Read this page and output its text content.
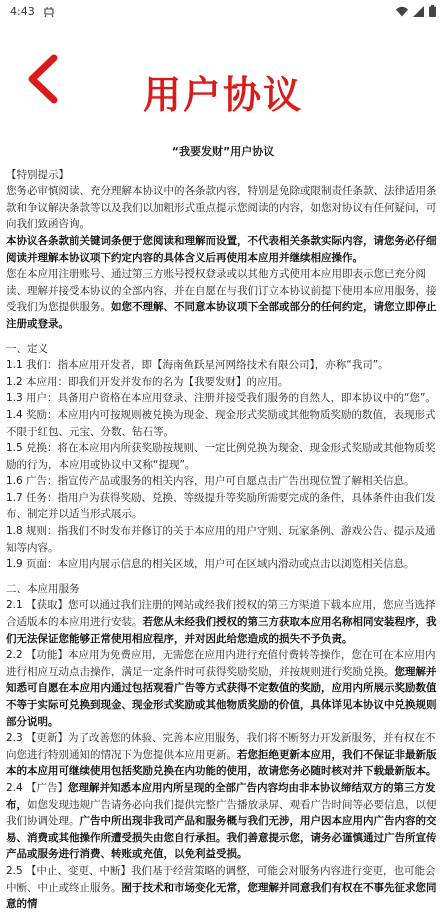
4:43
用户协议
“我要发财”用户协议

【特别提示】

您务必审慎阅读、充分理解本协议中的各条款内容，特别是免除或限制责任条款、法律适用条款和争议解决条款等以及我们以加粗形式重点提示您阅读的内容，如您对协议有任何疑问，可向我们致函咨询。

本协议各条款前关键词条便于您阅读和理解而设置，不代表相关条款实际内容，请您务必仔细阅读并理解本协议项下约定内容的具体含义后再使用本应用并继续相应操作。

您在本应用注册账号、通过第三方账号授权登录或以其他方式使用本应用即表示您已充分阅读、理解并接受本协议的全部内容，并在自愿在与我们订立本协议前提下使用本应用服务，接受我们为您提供服务。如您不理解、不同意本协议项下全部或部分的任何约定，请您立即停止注册或登录。

一、定义

1.1 我们：指本应用开发者，即【海南鱼跃星河网络技术有限公司】，亦称“我司”。

1.2 本应用：即我们开发并发布的名为【我要发财】的应用。

1.3 用户：具备用户资格在本应用登录、注册并接受我们服务的自然人，即本协议中的“您”。

1.4 奖励：本应用内可按规则被兑换为现金、现金形式奖励或其他物质奖励的数值，表现形式不限于红包、元宝、分数、钻石等。

1.5 兑换：将在本应用内所获奖励按规则、一定比例兑换为现金、现金形式奖励或其他物质奖励的行为，本应用或协议中又称“提现”。

1.6 广告：指宣传产品或服务的相关内容，用户可自愿点击广告出现位置了解相关信息。

1.7 任务：指用户为获得奖励、兑换、等级提升等奖励所需要完成的条件，具体条件由我们发布、制定并以适当形式展示。

1.8 规则：指我们不时发布并修订的关于本应用的用户守则、玩家条例、游戏公告、提示及通知等内容。

1.9 页面：本应用内展示信息的相关区域，用户可在区域内滑动或点击以浏览相关信息。

二、本应用服务

2.1 【获取】您可以通过我们注册的网站或经我们授权的第三方渠道下载本应用，您应当选择合适版本的本应用进行安装。若您从未经我们授权的第三方获取本应用名称相同安装程序，我们无法保证您能够正常使用相应程序，并对因此给您造成的损失不予负责。

2.2 【功能】本应用为免费应用，无需您在应用内进行充值付费转等操作，您在可在本应用内进行相应互动点击操作，满足一定条件时可获得奖励奖励，并按规则进行奖励兑换。您理解并知悉可自愿在本应用内通过包括观看广告等方式获得不定数值的奖励，应用内所展示奖励数值不等于实际可兑换到现金、现金形式奖励或其他物质奖励的价值，具体详见本协议中兑换规则部分说明。

2.3 【更新】为了改善您的体验、完善本应用服务，我们将不断努力开发新服务，并有权在不向您进行特别通知的情况下为您提供本应用更新。若您拒绝更新本应用，我们不保证非最新版本的本应用可继续使用包括奖励兑换在内功能的使用，故请您务必随时核对并下载最新版本。

2.4 【广告】您理解并知悉本应用内所呈现的全部广告内容均由非本协议缔结双方的第三方发布，如您发现违规广告请务必向我们提供完整广告播放录屏、观看广告时间等必要信息，以便我们协调处理。广告中所出现非我司产品和服务概与我们无涉，用户因本应用内广告内容的交易、消费或其他操作所遭受损失由您自行承担。我们善意提示您，请务必谨慎通过广告所宣传产品或服务进行消费、转账或充值，以免利益受损。

2.5 【中止、变更、中断】我们基于经营策略的调整，可能会对服务内容进行变更，也可能会中断、中止或终止服务。囿于技术和市场变化无常，您理解并同意我们有权在不事先征求您同意的情
